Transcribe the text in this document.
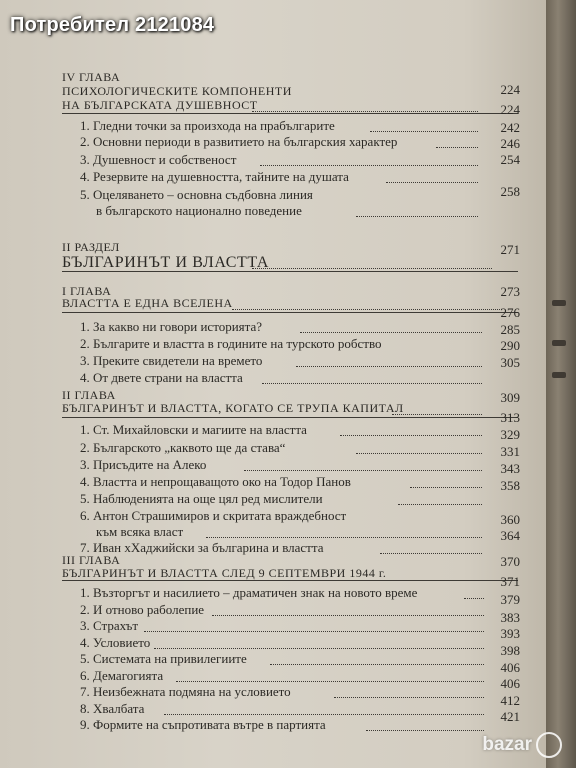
IV ГЛАВА
ПСИХОЛОГИЧЕСКИТЕ КОМПОНЕНТИ
НА БЪЛГАРСКАТА ДУШЕВНОСТ
224
224
1. Гледни точки за произхода на прабългарите
2. Основни периоди в развитието на българския характер
242
3. Душевност и собственост
246
4. Резервите на душевността, тайните на душата
254
5. Оцеляването – основна съдбовна линия
в българското национално поведение
258
II РАЗДЕЛ
БЪЛГАРИНЪТ И ВЛАСТТА
271
I ГЛАВА	273
ВЛАСТТА Е ЕДНА ВСЕЛЕНА
1. За какво ни говори историята?
276
2. Българите и властта в годините на турското робство
285
3. Преките свидетели на времето
290
4. От двете страни на властта
305
II ГЛАВА
БЪЛГАРИНЪТ И ВЛАСТТА, КОГАТО СЕ ТРУПА КАПИТАЛ
309
1. Ст. Михайловски и магиите на властта
313
2. Българското „каквото ще да става“
329
3. Присъдите на Алеко
331
4. Властта и непрощаващото око на Тодор Панов
343
5. Наблюденията на още цял ред мислители
358
6. Антон Страшимиров и скритата враждебност
към всяка власт
360
7. Иван хХаджийски за българина и властта
364
III ГЛАВА
БЪЛГАРИНЪТ И ВЛАСТТА СЛЕД 9 СЕПТЕМВРИ 1944 г.
370
1. Възторгът и насилието – драматичен знак на новото време
371
2. И отново раболепие
379
3. Страхът
383
4. Условието
393
5. Системата на привилегиите
398
6. Демагогията
406
7. Неизбежната подмяна на условието
406
8. Хвалбата
412
9. Формите на съпротивата вътре в партията
421
Потребител 2121084
bazar
